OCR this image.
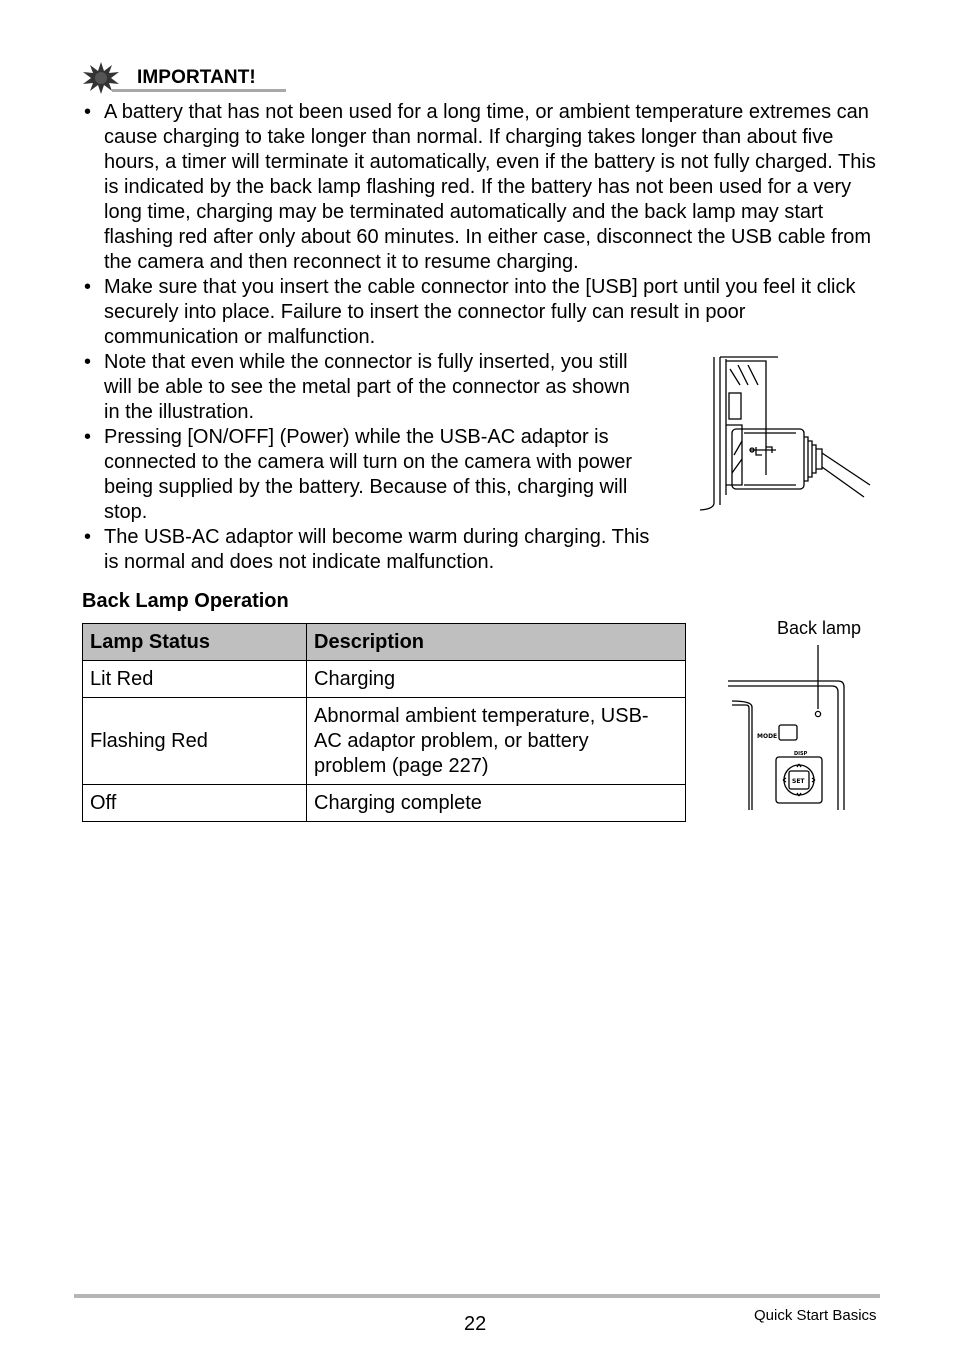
IMPORTANT!
• A battery that has not been used for a long time, or ambient temperature extremes can cause charging to take longer than normal. If charging takes longer than about five hours, a timer will terminate it automatically, even if the battery is not fully charged. This is indicated by the back lamp flashing red. If the battery has not been used for a very long time, charging may be terminated automatically and the back lamp may start flashing red after only about 60 minutes. In either case, disconnect the USB cable from the camera and then reconnect it to resume charging.
• Make sure that you insert the cable connector into the [USB] port until you feel it click securely into place. Failure to insert the connector fully can result in poor communication or malfunction.
• Note that even while the connector is fully inserted, you still will be able to see the metal part of the connector as shown in the illustration.
• Pressing [ON/OFF] (Power) while the USB-AC adaptor is connected to the camera will turn on the camera with power being supplied by the battery. Because of this, charging will stop.
• The USB-AC adaptor will become warm during charging. This is normal and does not indicate malfunction.
Back Lamp Operation
Lamp Status	Description
Lit Red	Charging
Flashing Red	Abnormal ambient temperature, USB-AC adaptor problem, or battery problem (page 227)
Off	Charging complete
Back lamp
MODE
DISP
SET
22	Quick Start Basics
